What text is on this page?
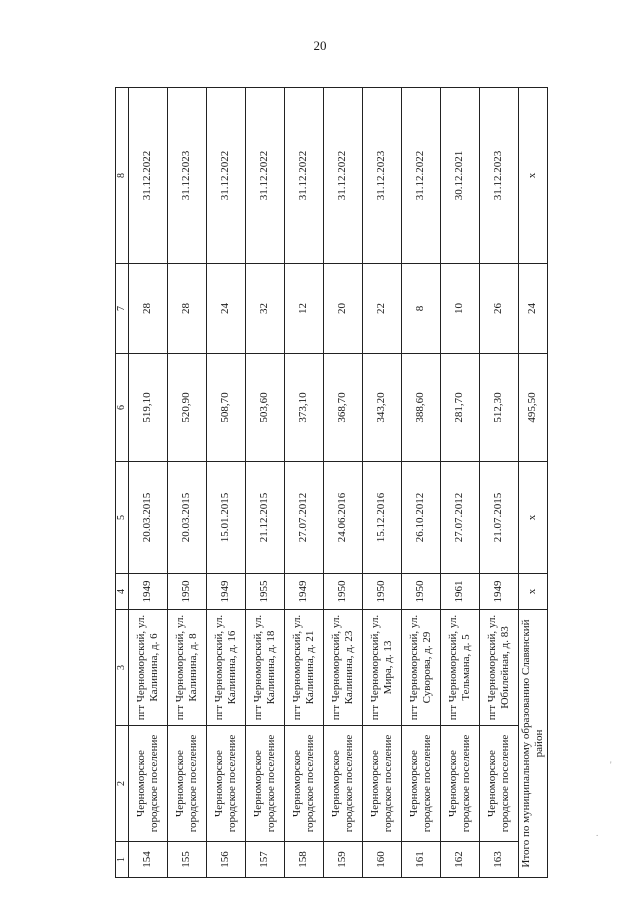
20
1	2	3	4	5	6	7	8
154	Черноморское городское поселение	пгт Черноморский, ул. Калинина, д. 6	1949	20.03.2015	519,10	28	31.12.2022
155	Черноморское городское поселение	пгт Черноморский, ул. Калинина, д. 8	1950	20.03.2015	520,90	28	31.12.2023
156	Черноморское городское поселение	пгт Черноморский, ул. Калинина, д. 16	1949	15.01.2015	508,70	24	31.12.2022
157	Черноморское городское поселение	пгт Черноморский, ул. Калинина, д. 18	1955	21.12.2015	503,60	32	31.12.2022
158	Черноморское городское поселение	пгт Черноморский, ул. Калинина, д. 21	1949	27.07.2012	373,10	12	31.12.2022
159	Черноморское городское поселение	пгт Черноморский, ул. Калинина, д. 23	1950	24.06.2016	368,70	20	31.12.2022
160	Черноморское городское поселение	пгт Черноморский, ул. Мира, д. 13	1950	15.12.2016	343,20	22	31.12.2023
161	Черноморское городское поселение	пгт Черноморский, ул. Суворова, д. 29	1950	26.10.2012	388,60	8	31.12.2022
162	Черноморское городское поселение	пгт Черноморский, ул. Тельмана, д. 5	1961	27.07.2012	281,70	10	30.12.2021
163	Черноморское городское поселение	пгт Черноморский, ул. Юбилейная, д. 83	1949	21.07.2015	512,30	26	31.12.2023
Итого по муниципальному образованию Славянский район			x	x	495,50	24	x
.
'
